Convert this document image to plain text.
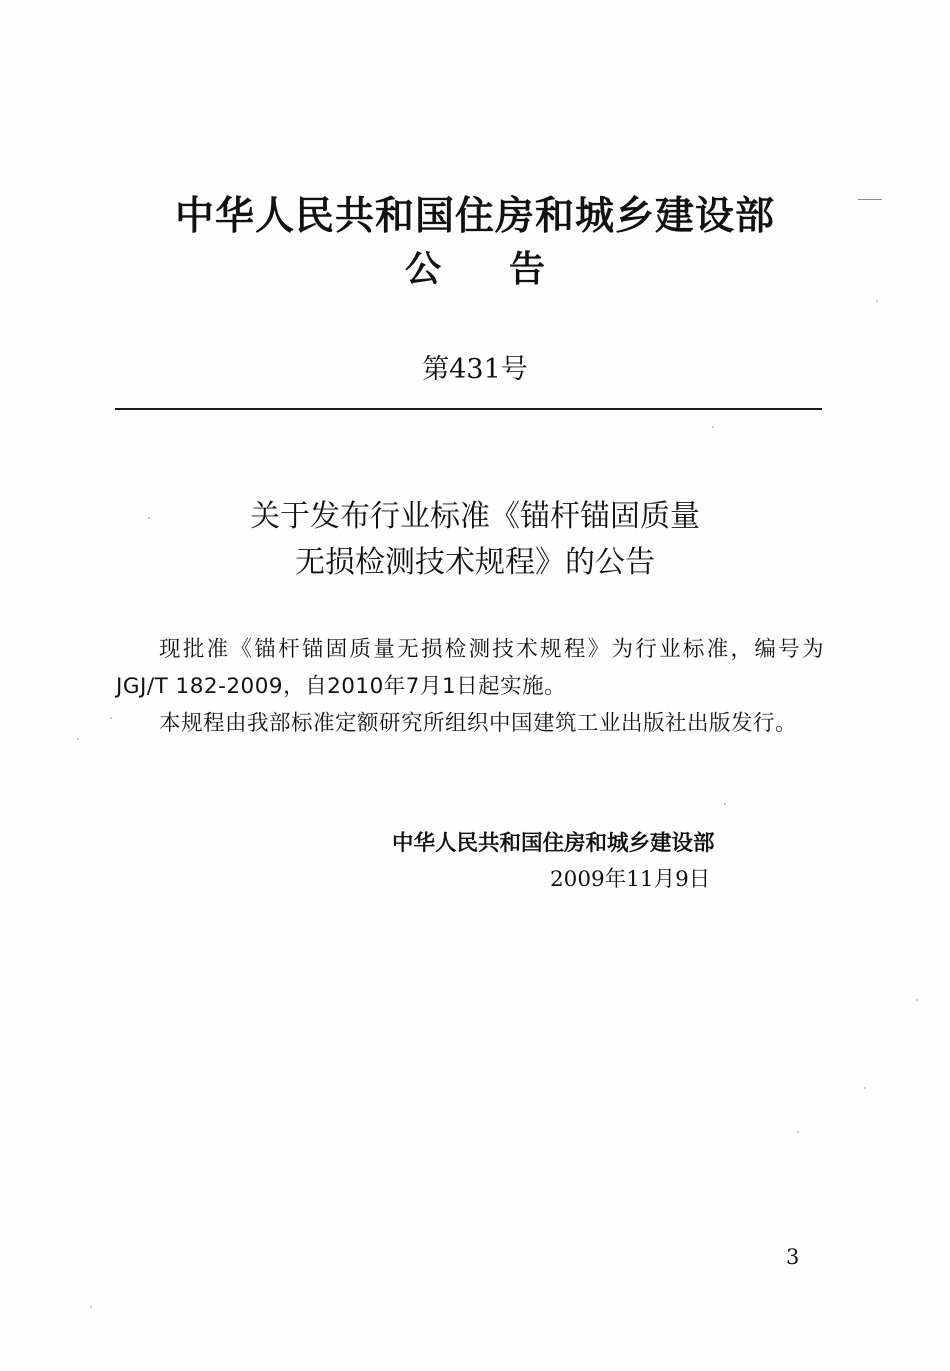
中华人民共和国住房和城乡建设部
公告
第431号
关于发布行业标准《锚杆锚固质量
无损检测技术规程》的公告

现批准《锚杆锚固质量无损检测技术规程》为行业标准，编号为JGJ/T 182-2009，自2010年7月1日起实施。

本规程由我部标准定额研究所组织中国建筑工业出版社出版发行。

中华人民共和国住房和城乡建设部
2009年11月9日
3
